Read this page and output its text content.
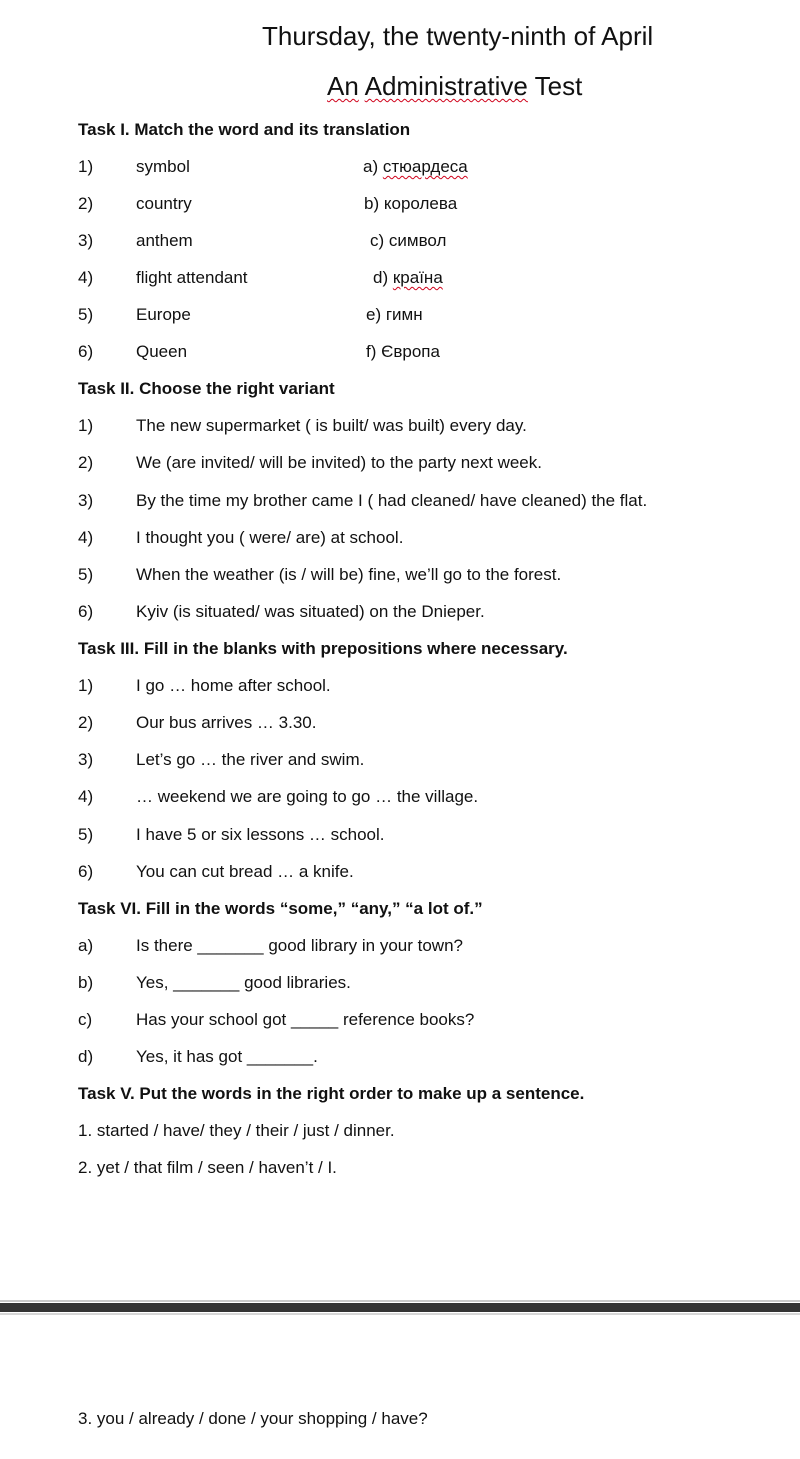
Thursday, the twenty-ninth of April
An Administrative Test
Task I. Match the word and its translation
1)	symbol	a) стюардеса
2)	country	b) королева
3)	anthem	c) символ
4)	flight attendant	d) країна
5)	Europe	e) гимн
6)	Queen	f) Європа
Task II. Choose the right variant
1)	The new supermarket ( is built/ was built) every day.
2)	We (are invited/ will be invited) to the party next week.
3)	By the time my brother came I ( had cleaned/ have cleaned) the flat.
4)	I thought you ( were/ are) at school.
5)	When the weather (is / will be) fine, we’ll go to the forest.
6)	Kyiv (is situated/ was situated) on the Dnieper.
Task III. Fill in the blanks with prepositions where necessary.
1)	I go … home after school.
2)	Our bus arrives … 3.30.
3)	Let’s go … the river and swim.
4)	… weekend we are going to go … the village.
5)	I have 5 or six lessons … school.
6)	You can cut bread … a knife.
Task VI. Fill in the words “some,” “any,” “a lot of.”
a)	Is there _______ good library in your town?
b)	Yes, _______ good libraries.
c)	Has your school got _____ reference books?
d)	Yes, it has got _______.
Task V. Put the words in the right order to make up a sentence.
1. started / have/ they / their / just / dinner.
2. yet / that film / seen / haven’t / I.
3. you / already / done / your shopping / have?
